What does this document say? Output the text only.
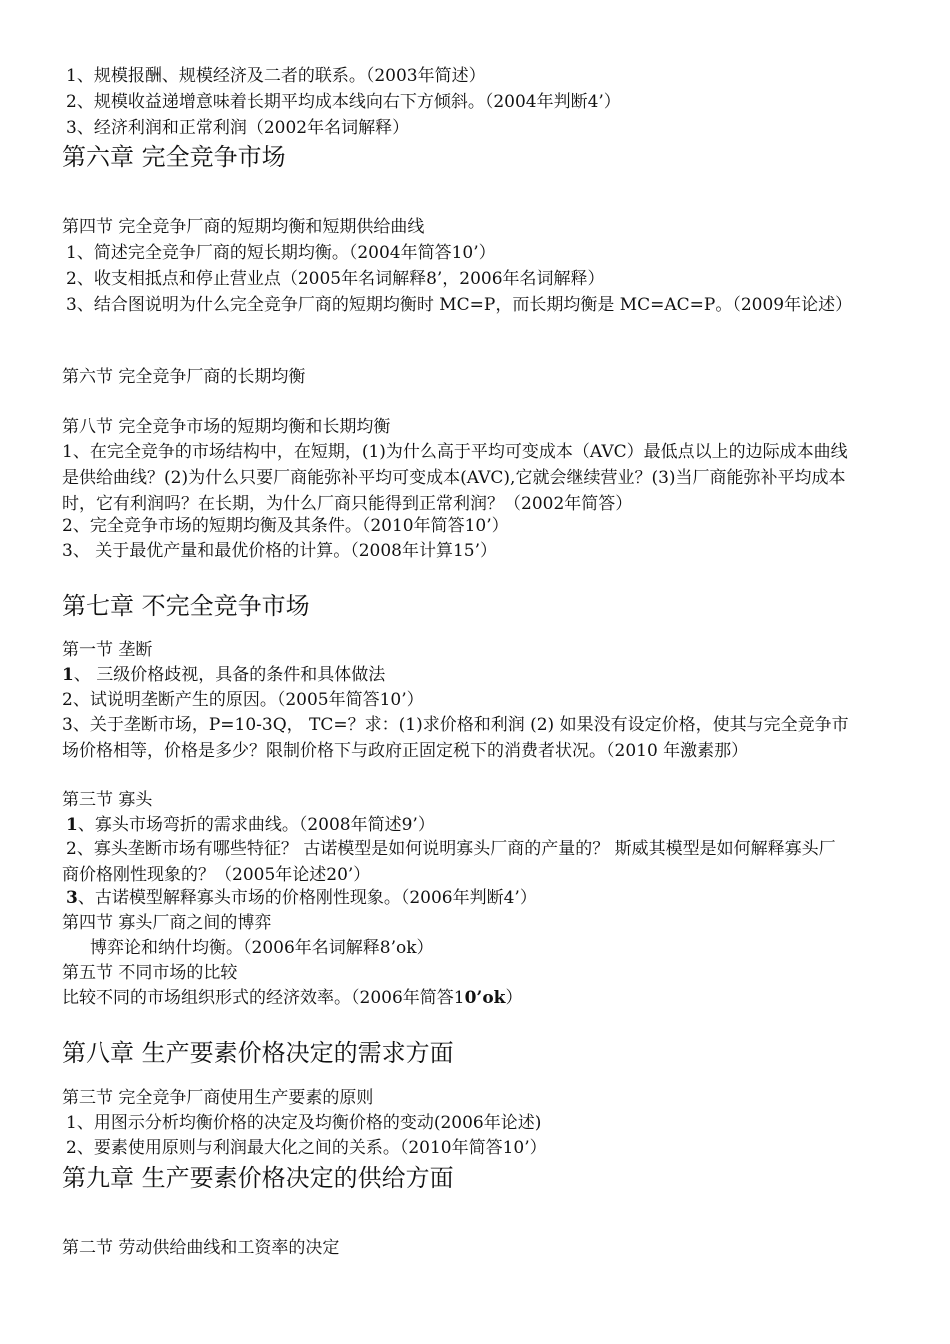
1、规模报酬、规模经济及二者的联系。（2003年简述）
2、规模收益递增意味着长期平均成本线向右下方倾斜。（2004年判断4’）
3、经济利润和正常利润（2002年名词解释）
第六章 完全竞争市场
第四节 完全竞争厂商的短期均衡和短期供给曲线
1、简述完全竞争厂商的短长期均衡。（2004年简答10’）
2、收支相抵点和停止营业点（2005年名词解释8’，2006年名词解释）
3、结合图说明为什么完全竞争厂商的短期均衡时 MC=P，而长期均衡是 MC=AC=P。（2009年论述）
第六节 完全竞争厂商的长期均衡
第八节 完全竞争市场的短期均衡和长期均衡
1、在完全竞争的市场结构中，在短期，(1)为什么高于平均可变成本（AVC）最低点以上的边际成本曲线是供给曲线？(2)为什么只要厂商能弥补平均可变成本(AVC),它就会继续营业？(3)当厂商能弥补平均成本时，它有利润吗？在长期，为什么厂商只能得到正常利润？（2002年简答）
2、完全竞争市场的短期均衡及其条件。（2010年简答10’）
3、 关于最优产量和最优价格的计算。（2008年计算15’）
第七章 不完全竞争市场
第一节 垄断
1、 三级价格歧视，具备的条件和具体做法
2、试说明垄断产生的原因。（2005年简答10’）
3、关于垄断市场，P=10-3Q， TC=？求：(1)求价格和利润 (2) 如果没有设定价格，使其与完全竞争市场价格相等，价格是多少？限制价格下与政府正固定税下的消费者状况。（2010 年激素那）
第三节 寡头
1、寡头市场弯折的需求曲线。（2008年简述9’）
2、寡头垄断市场有哪些特征？ 古诺模型是如何说明寡头厂商的产量的？ 斯威其模型是如何解释寡头厂商价格刚性现象的？（2005年论述20’）
3、古诺模型解释寡头市场的价格刚性现象。（2006年判断4’）
第四节 寡头厂商之间的博弈
博弈论和纳什均衡。（2006年名词解释8’ok）
第五节 不同市场的比较
比较不同的市场组织形式的经济效率。（2006年简答10’ok）
第八章 生产要素价格决定的需求方面
第三节 完全竞争厂商使用生产要素的原则
1、用图示分析均衡价格的决定及均衡价格的变动(2006年论述)
2、要素使用原则与利润最大化之间的关系。（2010年简答10’）
第九章 生产要素价格决定的供给方面
第二节 劳动供给曲线和工资率的决定
